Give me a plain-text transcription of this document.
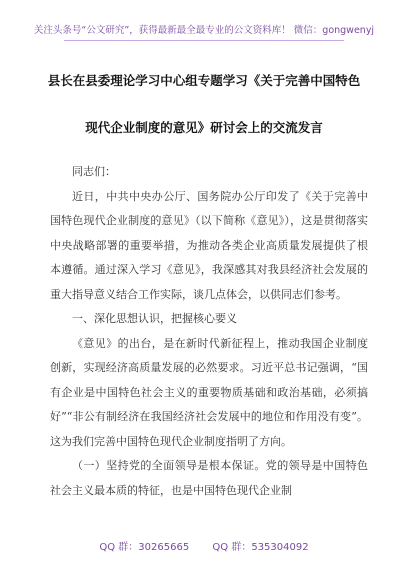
关注头条号“公文研究”，获得最新最全最专业的公文资料库！ 微信：gongwenyj
县长在县委理论学习中心组专题学习《关于完善中国特色
现代企业制度的意见》研讨会上的交流发言

同志们：

近日，中共中央办公厅、国务院办公厅印发了《关于完善中国特色现代企业制度的意见》（以下简称《意见》），这是贯彻落实中央战略部署的重要举措，为推动各类企业高质量发展提供了根本遵循。通过深入学习《意见》，我深感其对我县经济社会发展的重大指导意义结合工作实际，谈几点体会，以供同志们参考。

一、深化思想认识，把握核心要义

《意见》的出台，是在新时代新征程上，推动我国企业制度创新，实现经济高质量发展的必然要求。习近平总书记强调，“国有企业是中国特色社会主义的重要物质基础和政治基础，必须搞好”“非公有制经济在我国经济社会发展中的地位和作用没有变”。这为我们完善中国特色现代企业制度指明了方向。

（一）坚持党的全面领导是根本保证。党的领导是中国特色社会主义最本质的特征，也是中国特色现代企业制

QQ 群：30265665 QQ 群：535304092
